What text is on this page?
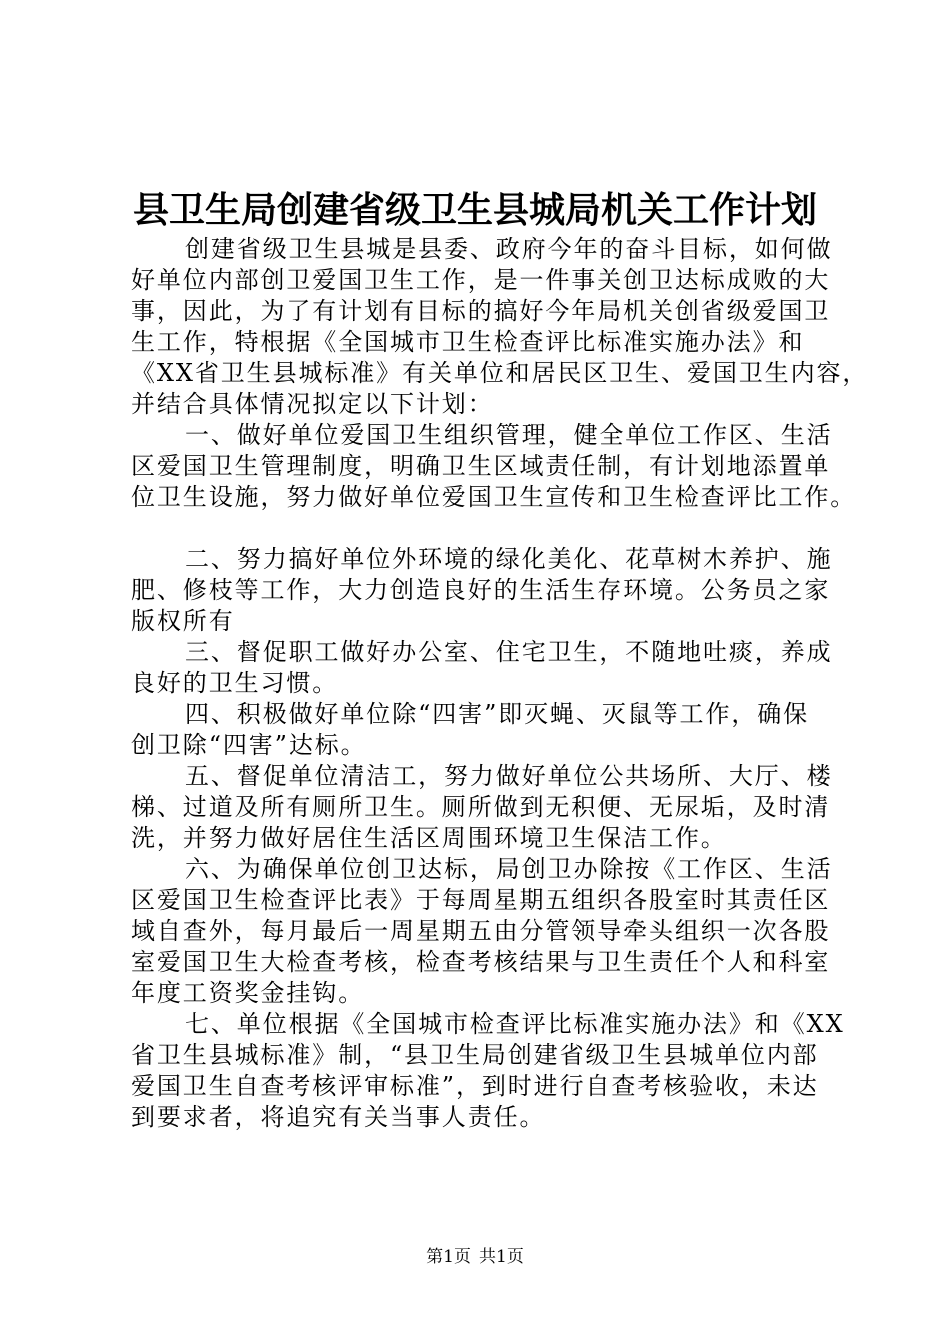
县卫生局创建省级卫生县城局机关工作计划
创建省级卫生县城是县委、政府今年的奋斗目标，如何做
好单位内部创卫爱国卫生工作，是一件事关创卫达标成败的大
事，因此，为了有计划有目标的搞好今年局机关创省级爱国卫
生工作，特根据《全国城市卫生检查评比标准实施办法》和
《XX省卫生县城标准》有关单位和居民区卫生、爱国卫生内容，
并结合具体情况拟定以下计划：
一、做好单位爱国卫生组织管理，健全单位工作区、生活
区爱国卫生管理制度，明确卫生区域责任制，有计划地添置单
位卫生设施，努力做好单位爱国卫生宣传和卫生检查评比工作。
二、努力搞好单位外环境的绿化美化、花草树木养护、施
肥、修枝等工作，大力创造良好的生活生存环境。公务员之家
版权所有
三、督促职工做好办公室、住宅卫生，不随地吐痰，养成
良好的卫生习惯。
四、积极做好单位除“四害”即灭蝇、灭鼠等工作，确保
创卫除“四害”达标。
五、督促单位清洁工，努力做好单位公共场所、大厅、楼
梯、过道及所有厕所卫生。厕所做到无积便、无尿垢，及时清
洗，并努力做好居住生活区周围环境卫生保洁工作。
六、为确保单位创卫达标，局创卫办除按《工作区、生活
区爱国卫生检查评比表》于每周星期五组织各股室时其责任区
域自查外，每月最后一周星期五由分管领导牵头组织一次各股
室爱国卫生大检查考核，检查考核结果与卫生责任个人和科室
年度工资奖金挂钩。
七、单位根据《全国城市检查评比标准实施办法》和《XX
省卫生县城标准》制，“县卫生局创建省级卫生县城单位内部
爱国卫生自查考核评审标准”，到时进行自查考核验收，未达
到要求者，将追究有关当事人责任。
第1页 共1页
